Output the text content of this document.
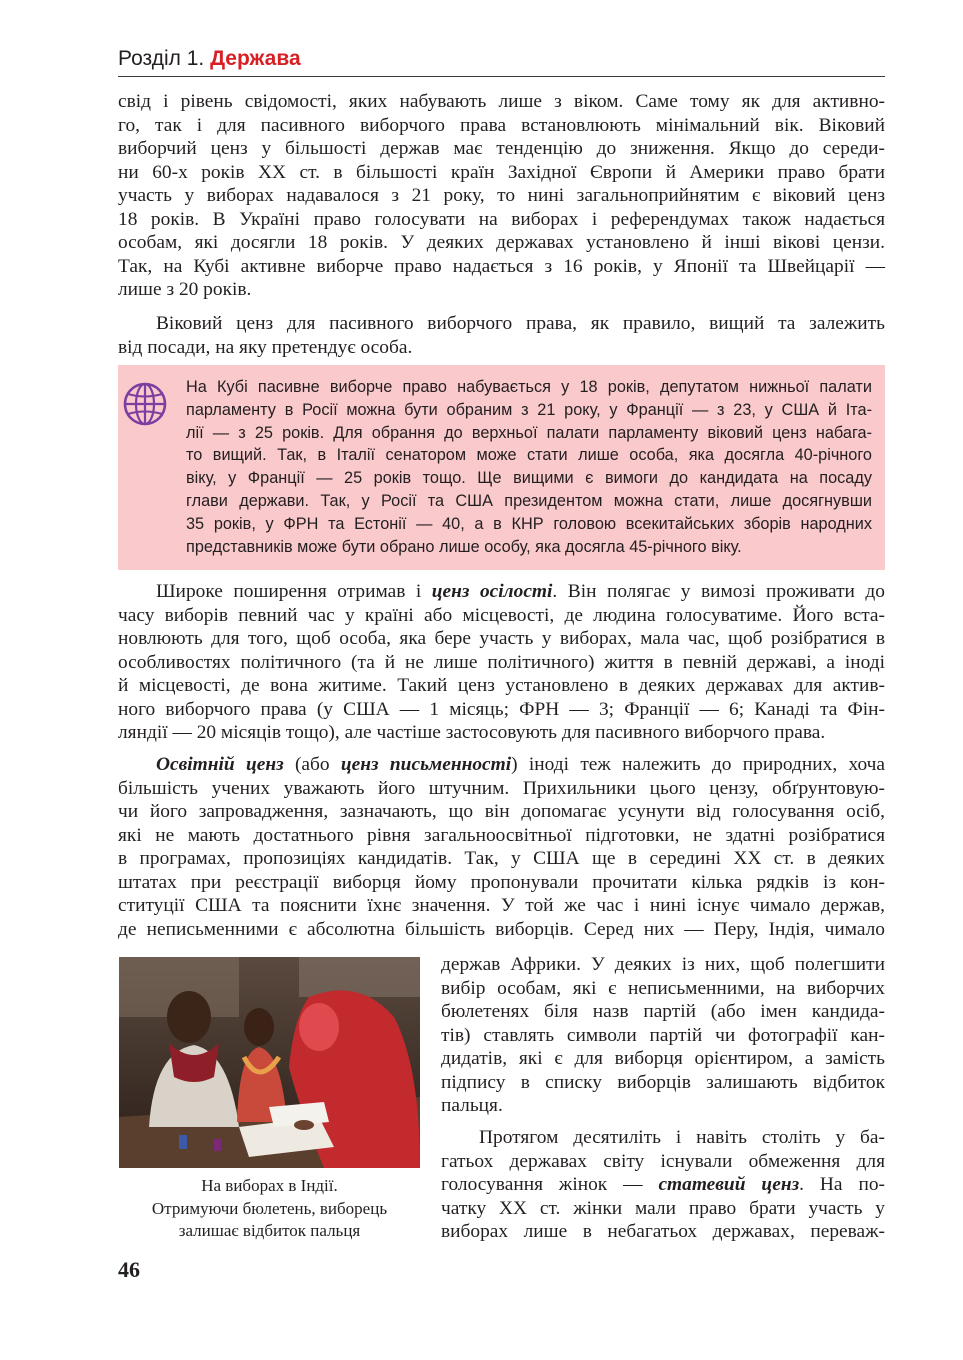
Розділ 1. Держава
свід і рівень свідомості, яких набувають лише з віком. Саме тому як для активно-
го, так і для пасивного виборчого права встановлюють мінімальний вік. Віковий
виборчий ценз у більшості держав має тенденцію до зниження. Якщо до середи-
ни 60-х років XX ст. в більшості країн Західної Європи й Америки право брати
участь у виборах надавалося з 21 року, то нині загальноприйнятим є віковий ценз
18 років. В Україні право голосувати на виборах і референдумах також надається
особам, які досягли 18 років. У деяких державах установлено й інші вікові цензи.
Так, на Кубі активне виборче право надається з 16 років, у Японії та Швейцарії —
лише з 20 років.
Віковий ценз для пасивного виборчого права, як правило, вищий та залежить
від посади, на яку претендує особа.
На Кубі пасивне виборче право набувається у 18 років, депутатом нижньої палати
парламенту в Росії можна бути обраним з 21 року, у Франції — з 23, у США й Іта-
лії — з 25 років. Для обрання до верхньої палати парламенту віковий ценз набага-
то вищий. Так, в Італії сенатором може стати лише особа, яка досягла 40-річного
віку, у Франції — 25 років тощо. Ще вищими є вимоги до кандидата на посаду
глави держави. Так, у Росії та США президентом можна стати, лише досягнувши
35 років, у ФРН та Естонії — 40, а в КНР головою всекитайських зборів народних
представників може бути обрано лише особу, яка досягла 45-річного віку.
Широке поширення отримав і ценз осілості. Він полягає у вимозі проживати до
часу виборів певний час у країні або місцевості, де людина голосуватиме. Його вста-
новлюють для того, щоб особа, яка бере участь у виборах, мала час, щоб розібратися в
особливостях політичного (та й не лише політичного) життя в певній державі, а іноді
й місцевості, де вона житиме. Такий ценз установлено в деяких державах для актив-
ного виборчого права (у США — 1 місяць; ФРН — 3; Франції — 6; Канаді та Фін-
ляндії — 20 місяців тощо), але частіше застосовують для пасивного виборчого права.
Освітній ценз (або ценз письменності) іноді теж належить до природних, хоча
більшість учених уважають його штучним. Прихильники цього цензу, обґрунтовую-
чи його запровадження, зазначають, що він допомагає усунути від голосування осіб,
які не мають достатнього рівня загальноосвітньої підготовки, не здатні розібратися
в програмах, пропозиціях кандидатів. Так, у США ще в середині XX ст. в деяких
штатах при реєстрації виборця йому пропонували прочитати кілька рядків із кон-
ституції США та пояснити їхнє значення. У той же час і нині існує чимало держав,
де неписьменними є абсолютна більшість виборців. Серед них — Перу, Індія, чимало
держав Африки. У деяких із них, щоб полегшити
вибір особам, які є неписьменними, на виборчих
бюлетенях біля назв партій (або імен кандида-
тів) ставлять символи партій чи фотографії кан-
дидатів, які є для виборця орієнтиром, а замість
підпису в списку виборців залишають відбиток
пальця.
Протягом десятиліть і навіть століть у ба-
гатьох державах світу існували обмеження для
голосування жінок — статевий ценз. На по-
чатку XX ст. жінки мали право брати участь у
виборах лише в небагатьох державах, переваж-
На виборах в Індії.
Отримуючи бюлетень, виборець
залишає відбиток пальця
46
